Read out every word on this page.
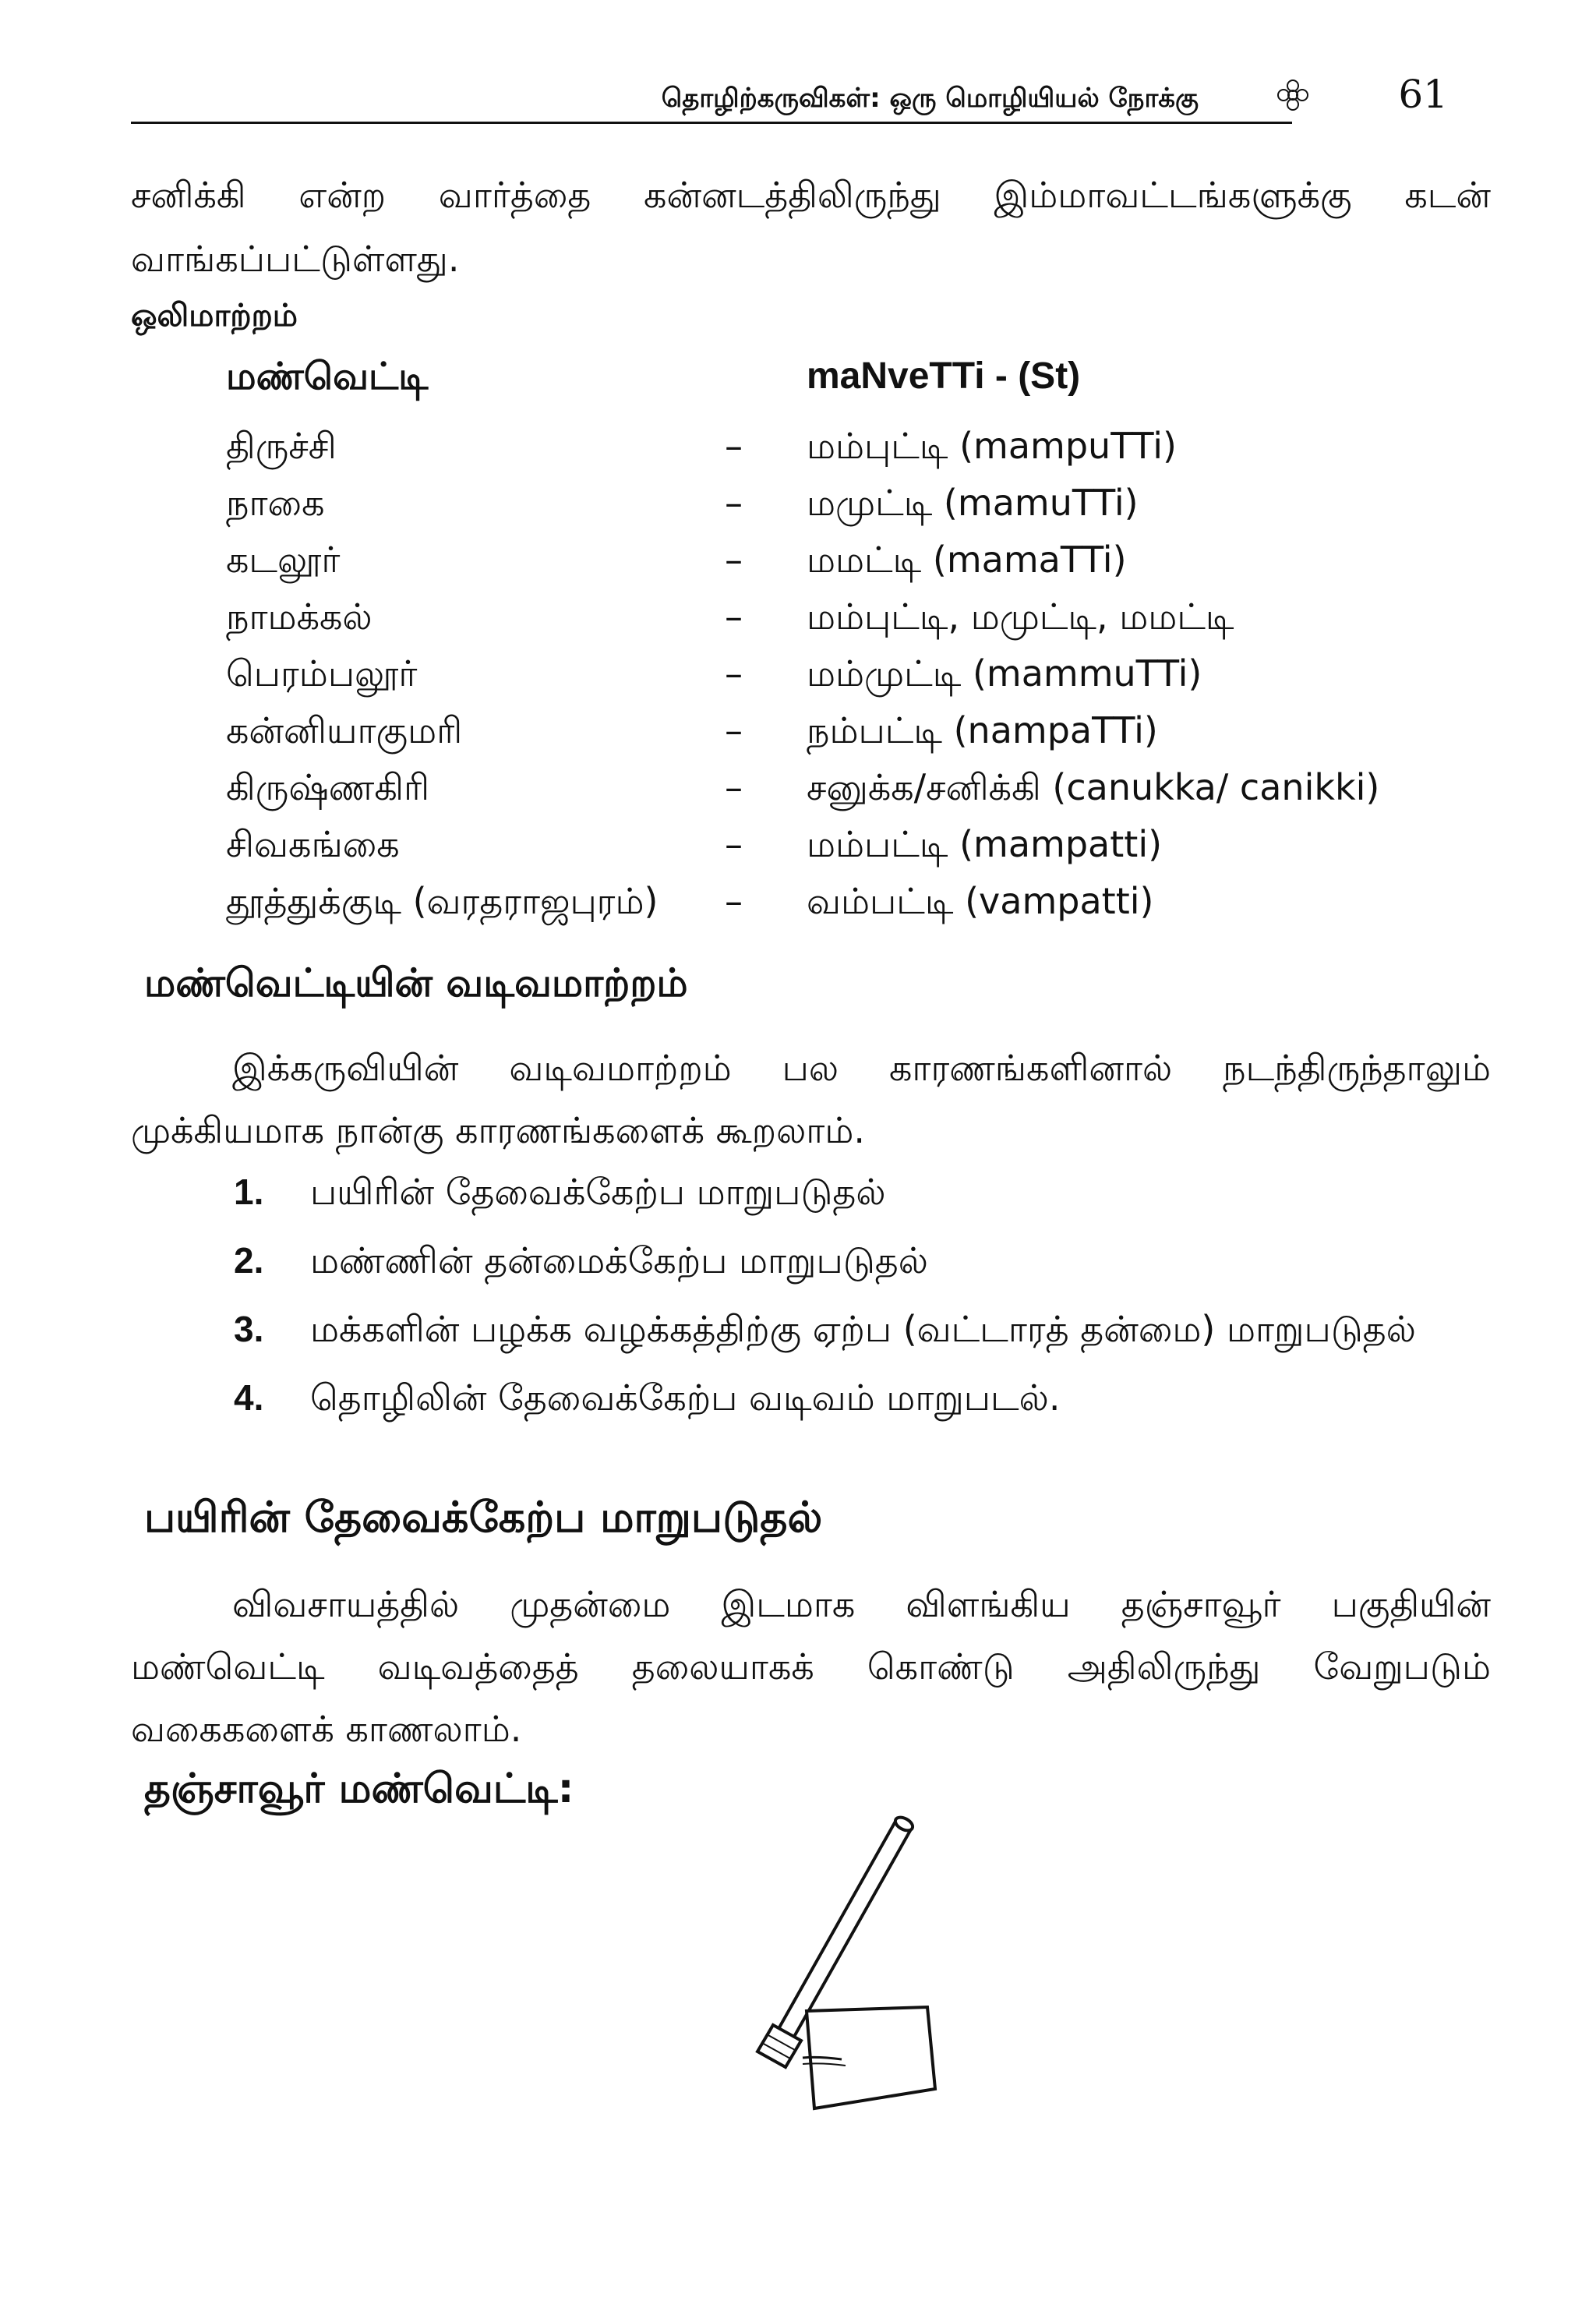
தொழிற்கருவிகள்: ஒரு மொழியியல் நோக்கு	61
சனிக்கி என்ற வார்த்தை கன்னடத்திலிருந்து இம்மாவட்டங்களுக்கு கடன்
வாங்கப்பட்டுள்ளது.
ஒலிமாற்றம்
மண்வெட்டி	maNveTTi - (St)
திருச்சி	– மம்புட்டி (mampuTTi)
நாகை	– மமுட்டி (mamuTTi)
கடலூர்	– மமட்டி (mamaTTi)
நாமக்கல்	– மம்புட்டி, மமுட்டி, மமட்டி
பெரம்பலூர்	– மம்முட்டி (mammuTTi)
கன்னியாகுமரி	– நம்பட்டி (nampaTTi)
கிருஷ்ணகிரி	– சனுக்க/சனிக்கி (canukka/ canikki)
சிவகங்கை	– மம்பட்டி (mampatti)
தூத்துக்குடி (வரதராஜபுரம்) – வம்பட்டி (vampatti)
மண்வெட்டியின் வடிவமாற்றம்
இக்கருவியின் வடிவமாற்றம் பல காரணங்களினால் நடந்திருந்தாலும்
முக்கியமாக நான்கு காரணங்களைக் கூறலாம்.
1. பயிரின் தேவைக்கேற்ப மாறுபடுதல்
2. மண்ணின் தன்மைக்கேற்ப மாறுபடுதல்
3. மக்களின் பழக்க வழக்கத்திற்கு ஏற்ப (வட்டாரத் தன்மை) மாறுபடுதல்
4. தொழிலின் தேவைக்கேற்ப வடிவம் மாறுபடல்.
பயிரின் தேவைக்கேற்ப மாறுபடுதல்
விவசாயத்தில் முதன்மை இடமாக விளங்கிய தஞ்சாவூர் பகுதியின்
மண்வெட்டி வடிவத்தைத் தலையாகக் கொண்டு அதிலிருந்து வேறுபடும்
வகைகளைக் காணலாம்.
தஞ்சாவூர் மண்வெட்டி:
